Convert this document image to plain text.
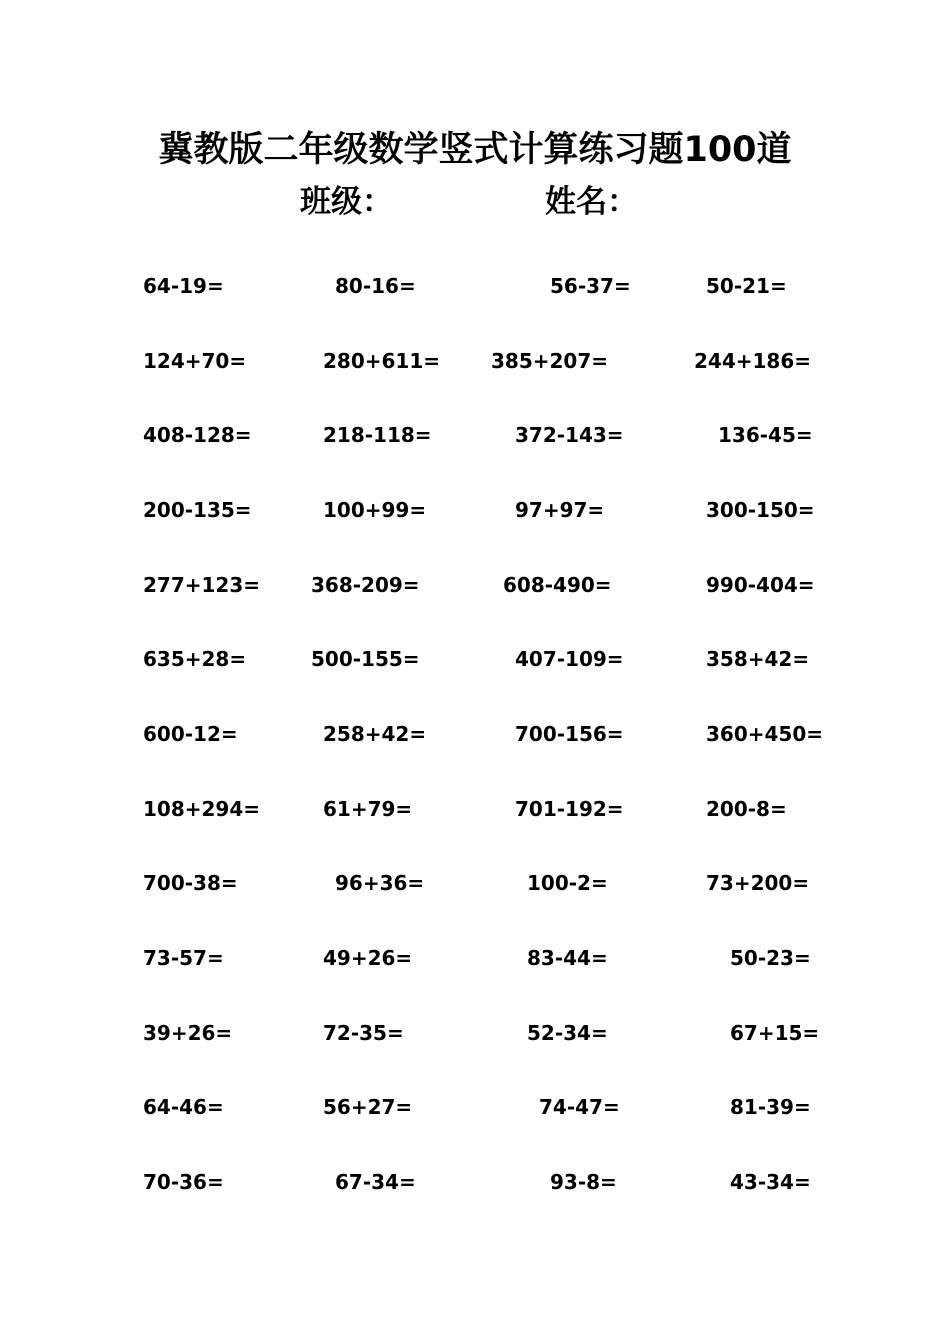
冀教版二年级数学竖式计算练习题100道
班级：	姓名：
64-19=	80-16=	56-37=	50-21=
124+70=	280+611=	385+207=	244+186=
408-128=	218-118=	372-143=	136-45=
200-135=	100+99=	97+97=	300-150=
277+123=	368-209=	608-490=	990-404=
635+28=	500-155=	407-109=	358+42=
600-12=	258+42=	700-156=	360+450=
108+294=	61+79=	701-192=	200-8=
700-38=	96+36=	100-2=	73+200=
73-57=	49+26=	83-44=	50-23=
39+26=	72-35=	52-34=	67+15=
64-46=	56+27=	74-47=	81-39=
70-36=	67-34=	93-8=	43-34=
